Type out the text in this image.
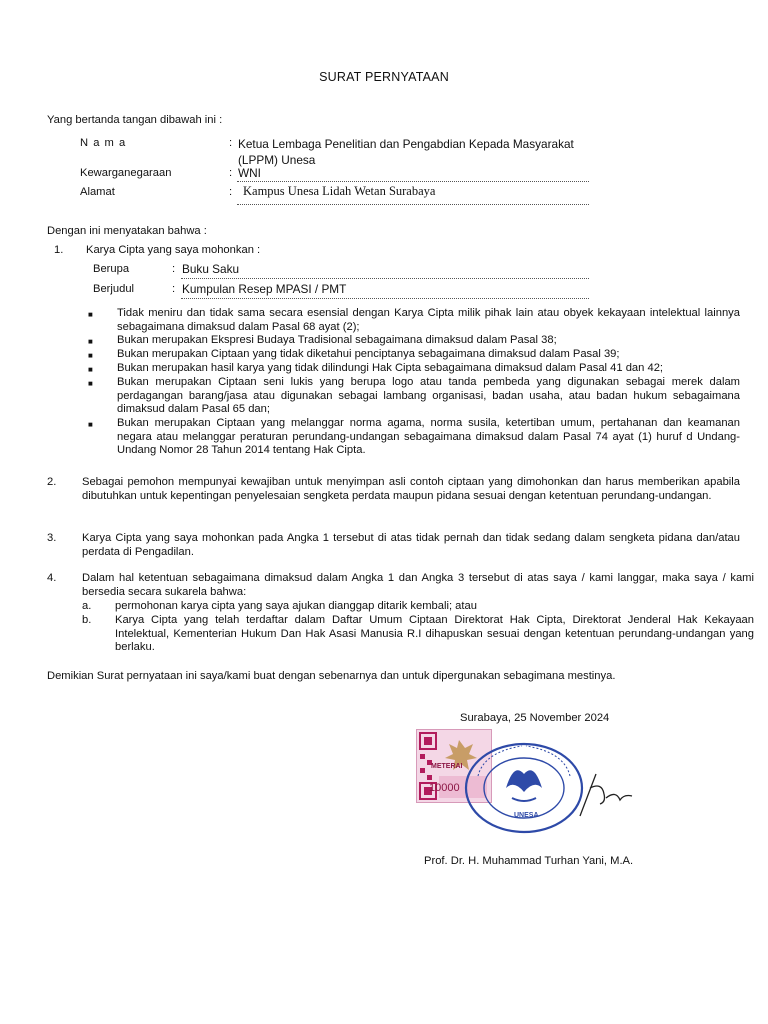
SURAT PERNYATAAN
Yang bertanda tangan dibawah ini :
N a m a	: Ketua Lembaga Penelitian dan Pengabdian Kepada Masyarakat
(LPPM) Unesa
Kewarganegaraan	: WNI
Alamat	: Kampus Unesa Lidah Wetan Surabaya
Dengan ini menyatakan bahwa :
1. Karya Cipta yang saya mohonkan :
Berupa	: Buku Saku
Berjudul	: Kumpulan Resep MPASI / PMT
■ Tidak meniru dan tidak sama secara esensial dengan Karya Cipta milik pihak lain atau obyek kekayaan intelektual lainnya sebagaimana dimaksud dalam Pasal 68 ayat (2);
■ Bukan merupakan Ekspresi Budaya Tradisional sebagaimana dimaksud dalam Pasal 38;
■ Bukan merupakan Ciptaan yang tidak diketahui penciptanya sebagaimana dimaksud dalam Pasal 39;
■ Bukan merupakan hasil karya yang tidak dilindungi Hak Cipta sebagaimana dimaksud dalam Pasal 41 dan 42;
■ Bukan merupakan Ciptaan seni lukis yang berupa logo atau tanda pembeda yang digunakan sebagai merek dalam perdagangan barang/jasa atau digunakan sebagai lambang organisasi, badan usaha, atau badan hukum sebagaimana dimaksud dalam Pasal 65 dan;
■ Bukan merupakan Ciptaan yang melanggar norma agama, norma susila, ketertiban umum, pertahanan dan keamanan negara atau melanggar peraturan perundang-undangan sebagaimana dimaksud dalam Pasal 74 ayat (1) huruf d Undang-Undang Nomor 28 Tahun 2014 tentang Hak Cipta.
2. Sebagai pemohon mempunyai kewajiban untuk menyimpan asli contoh ciptaan yang dimohonkan dan harus memberikan apabila dibutuhkan untuk kepentingan penyelesaian sengketa perdata maupun pidana sesuai dengan ketentuan perundang-undangan.
3. Karya Cipta yang saya mohonkan pada Angka 1 tersebut di atas tidak pernah dan tidak sedang dalam sengketa pidana dan/atau perdata di Pengadilan.
4. Dalam hal ketentuan sebagaimana dimaksud dalam Angka 1 dan Angka 3 tersebut di atas saya / kami langgar, maka saya / kami bersedia secara sukarela bahwa:
a. permohonan karya cipta yang saya ajukan dianggap ditarik kembali; atau
b. Karya Cipta yang telah terdaftar dalam Daftar Umum Ciptaan Direktorat Hak Cipta, Direktorat Jenderal Hak Kekayaan Intelektual, Kementerian Hukum Dan Hak Asasi Manusia R.I dihapuskan sesuai dengan ketentuan perundang-undangan yang berlaku.
Demikian Surat pernyataan ini saya/kami buat dengan sebenarnya dan untuk dipergunakan sebagimana mestinya.
Surabaya, 25 November 2024
METERAI
10000
UNESA
Prof. Dr. H. Muhammad Turhan Yani, M.A.
